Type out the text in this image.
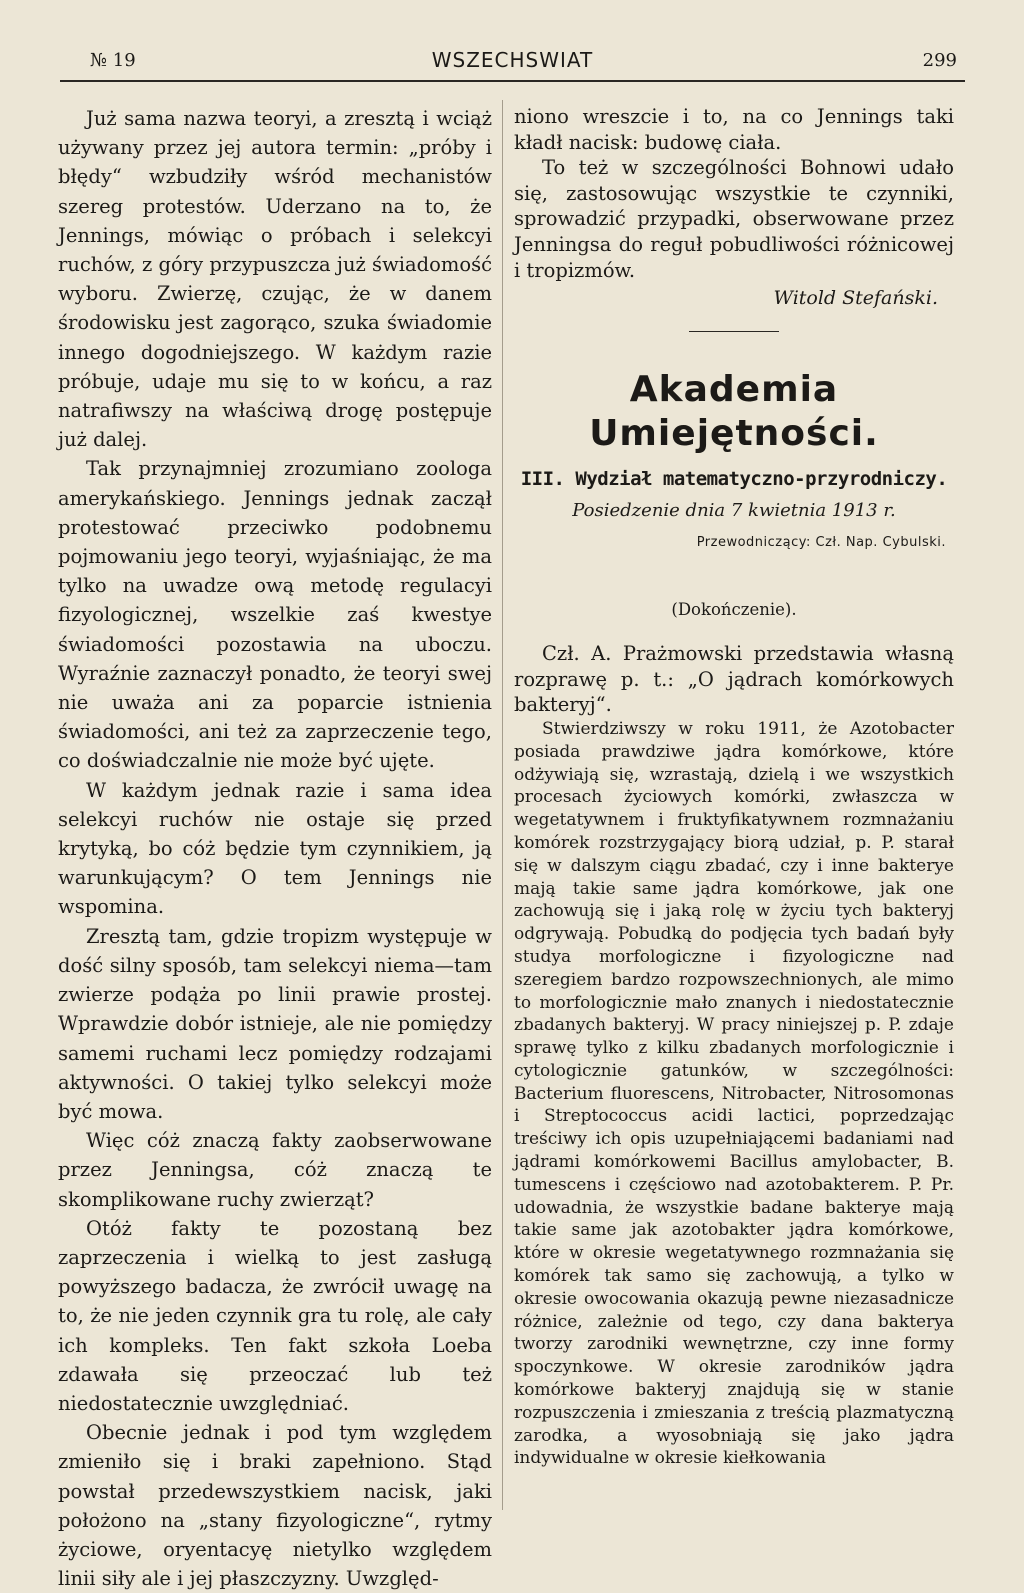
№ 19	WSZECHSWIAT	299

Już sama nazwa teoryi, a zresztą i wciąż używany przez jej autora termin: „próby i błędy“ wzbudziły wśród mechanistów szereg protestów. Uderzano na to, że Jennings, mówiąc o próbach i selekcyi ruchów, z góry przypuszcza już świadomość wyboru. Zwierzę, czując, że w danem środowisku jest zagorąco, szuka świadomie innego dogodniejszego. W każdym razie próbuje, udaje mu się to w końcu, a raz natrafiwszy na właściwą drogę postępuje już dalej.

Tak przynajmniej zrozumiano zoologa amerykańskiego. Jennings jednak zaczął protestować przeciwko podobnemu pojmowaniu jego teoryi, wyjaśniając, że ma tylko na uwadze ową metodę regulacyi fizyologicznej, wszelkie zaś kwestye świadomości pozostawia na uboczu. Wyraźnie zaznaczył ponadto, że teoryi swej nie uważa ani za poparcie istnienia świadomości, ani też za zaprzeczenie tego, co doświadczalnie nie może być ujęte.

W każdym jednak razie i sama idea selekcyi ruchów nie ostaje się przed krytyką, bo cóż będzie tym czynnikiem, ją warunkującym? O tem Jennings nie wspomina.

Zresztą tam, gdzie tropizm występuje w dość silny sposób, tam selekcyi niema—tam zwierze podąża po linii prawie prostej. Wprawdzie dobór istnieje, ale nie pomiędzy samemi ruchami lecz pomiędzy rodzajami aktywności. O takiej tylko selekcyi może być mowa.

Więc cóż znaczą fakty zaobserwowane przez Jenningsa, cóż znaczą te skomplikowane ruchy zwierząt?

Otóż fakty te pozostaną bez zaprzeczenia i wielką to jest zasługą powyższego badacza, że zwrócił uwagę na to, że nie jeden czynnik gra tu rolę, ale cały ich kompleks. Ten fakt szkoła Loeba zdawała się przeoczać lub też niedostatecznie uwzględniać.

Obecnie jednak i pod tym względem zmieniło się i braki zapełniono. Stąd powstał przedewszystkiem nacisk, jaki położono na „stany fizyologiczne“, rytmy życiowe, oryentacyę nietylko względem linii siły ale i jej płaszczyzny. Uwzględ-

niono wreszcie i to, na co Jennings taki kładł nacisk: budowę ciała.

To też w szczególności Bohnowi udało się, zastosowując wszystkie te czynniki, sprowadzić przypadki, obserwowane przez Jenningsa do reguł pobudliwości różnicowej i tropizmów.

Witold Stefański.
Akademia Umiejętności.
III. Wydział matematyczno-przyrodniczy.

Posiedzenie dnia 7 kwietnia 1913 r.

Przewodniczący: Czł. Nap. Cybulski.

(Dokończenie).

Czł. A. Prażmowski przedstawia własną rozprawę p. t.: „O jądrach komórkowych bakteryj“.

Stwierdziwszy w roku 1911, że Azotobacter posiada prawdziwe jądra komórkowe, które odżywiają się, wzrastają, dzielą i we wszystkich procesach życiowych komórki, zwłaszcza w wegetatywnem i fruktyfikatywnem rozmnażaniu komórek rozstrzygający biorą udział, p. P. starał się w dalszym ciągu zbadać, czy i inne bakterye mają takie same jądra komórkowe, jak one zachowują się i jaką rolę w życiu tych bakteryj odgrywają. Pobudką do podjęcia tych badań były studya morfologiczne i fizyologiczne nad szeregiem bardzo rozpowszechnionych, ale mimo to morfologicznie mało znanych i niedostatecznie zbadanych bakteryj. W pracy niniejszej p. P. zdaje sprawę tylko z kilku zbadanych morfologicznie i cytologicznie gatunków, w szczególności: Bacterium fluorescens, Nitrobacter, Nitrosomonas i Streptococcus acidi lactici, poprzedzając treściwy ich opis uzupełniającemi badaniami nad jądrami komórkowemi Bacillus amylobacter, B. tumescens i częściowo nad azotobakterem. P. Pr. udowadnia, że wszystkie badane bakterye mają takie same jak azotobakter jądra komórkowe, które w okresie wegetatywnego rozmnażania się komórek tak samo się zachowują, a tylko w okresie owocowania okazują pewne niezasadnicze różnice, zależnie od tego, czy dana bakterya tworzy zarodniki wewnętrzne, czy inne formy spoczynkowe. W okresie zarodników jądra komórkowe bakteryj znajdują się w stanie rozpuszczenia i zmieszania z treścią plazmatyczną zarodka, a wyosobniają się jako jądra indywidualne w okresie kiełkowania
